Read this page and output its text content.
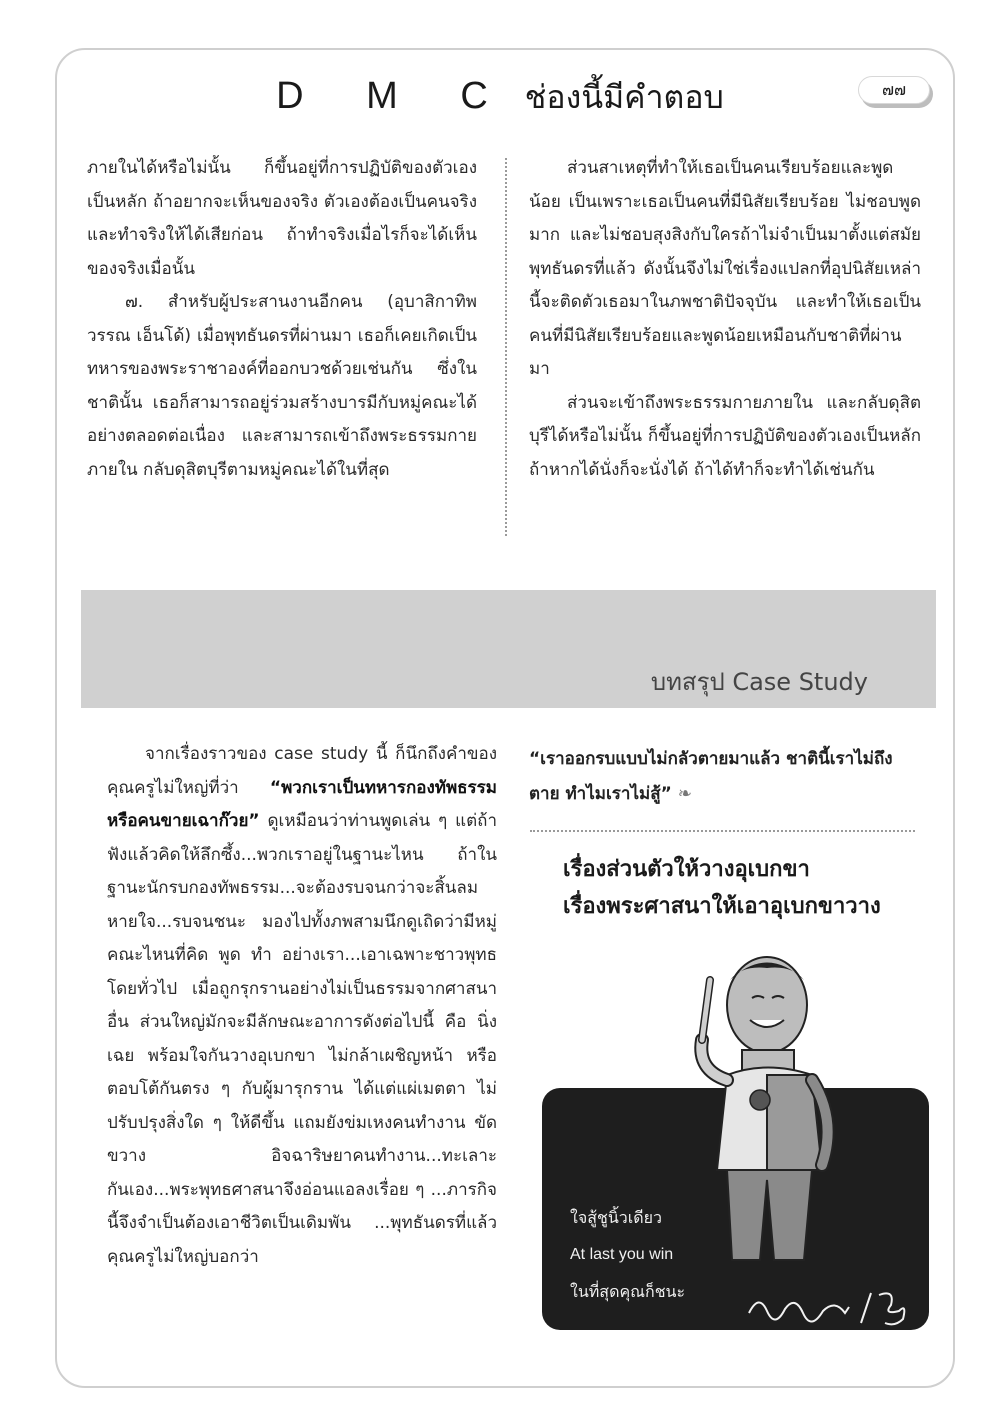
D M C ช่องนี้มีคำตอบ	๗๗

ภายในได้หรือไม่นั้น ก็ขึ้นอยู่ที่การปฏิบัติของตัวเองเป็นหลัก ถ้าอยากจะเห็นของจริง ตัวเองต้องเป็นคนจริงและทำจริงให้ได้เสียก่อน ถ้าทำจริงเมื่อไรก็จะได้เห็นของจริงเมื่อนั้น

๗. สำหรับผู้ประสานงานอีกคน (อุบาสิกาทิพวรรณ เอ็นโด้) เมื่อพุทธันดรที่ผ่านมา เธอก็เคยเกิดเป็นทหารของพระราชาองค์ที่ออกบวชด้วยเช่นกัน ซึ่งในชาตินั้น เธอก็สามารถอยู่ร่วมสร้างบารมีกับหมู่คณะได้อย่างตลอดต่อเนื่อง และสามารถเข้าถึงพระธรรมกายภายใน กลับดุสิตบุรีตามหมู่คณะได้ในที่สุด

ส่วนสาเหตุที่ทำให้เธอเป็นคนเรียบร้อยและพูดน้อย เป็นเพราะเธอเป็นคนที่มีนิสัยเรียบร้อย ไม่ชอบพูดมาก และไม่ชอบสุงสิงกับใครถ้าไม่จำเป็นมาตั้งแต่สมัยพุทธันดรที่แล้ว ดังนั้นจึงไม่ใช่เรื่องแปลกที่อุปนิสัยเหล่านี้จะติดตัวเธอมาในภพชาติปัจจุบัน และทำให้เธอเป็นคนที่มีนิสัยเรียบร้อยและพูดน้อยเหมือนกับชาติที่ผ่านมา

ส่วนจะเข้าถึงพระธรรมกายภายใน และกลับดุสิตบุรีได้หรือไม่นั้น ก็ขึ้นอยู่ที่การปฏิบัติของตัวเองเป็นหลัก ถ้าหากได้นั่งก็จะนั่งได้ ถ้าได้ทำก็จะทำได้เช่นกัน

บทสรุป Case Study

จากเรื่องราวของ case study นี้ ก็นึกถึงคำของคุณครูไม่ใหญ่ที่ว่า “พวกเราเป็นทหารกองทัพธรรม หรือคนขายเฉาก๊วย” ดูเหมือนว่าท่านพูดเล่น ๆ แต่ถ้าฟังแล้วคิดให้ลึกซึ้ง...พวกเราอยู่ในฐานะไหน ถ้าในฐานะนักรบกองทัพธรรม...จะต้องรบจนกว่าจะสิ้นลมหายใจ...รบจนชนะ มองไปทั้งภพสามนึกดูเถิดว่ามีหมู่คณะไหนที่คิด พูด ทำ อย่างเรา...เอาเฉพาะชาวพุทธโดยทั่วไป เมื่อถูกรุกรานอย่างไม่เป็นธรรมจากศาสนาอื่น ส่วนใหญ่มักจะมีลักษณะอาการดังต่อไปนี้ คือ นิ่งเฉย พร้อมใจกันวางอุเบกขา ไม่กล้าเผชิญหน้า หรือตอบโต้กันตรง ๆ กับผู้มารุกราน ได้แต่แผ่เมตตา ไม่ปรับปรุงสิ่งใด ๆ ให้ดีขึ้น แถมยังข่มเหงคนทำงาน ขัดขวาง อิจฉาริษยาคนทำงาน...ทะเลาะกันเอง...พระพุทธศาสนาจึงอ่อนแอลงเรื่อย ๆ ...ภารกิจนี้จึงจำเป็นต้องเอาชีวิตเป็นเดิมพัน ...พุทธันดรที่แล้วคุณครูไม่ใหญ่บอกว่า

“เราออกรบแบบไม่กลัวตายมาแล้ว ชาตินี้เราไม่ถึงตาย ทำไมเราไม่สู้” ❧
เรื่องส่วนตัวให้วางอุเบกขา
เรื่องพระศาสนาให้เอาอุเบกขาวาง
ใจสู้ชูนิ้วเดียว
At last you win
ในที่สุดคุณก็ชนะ
